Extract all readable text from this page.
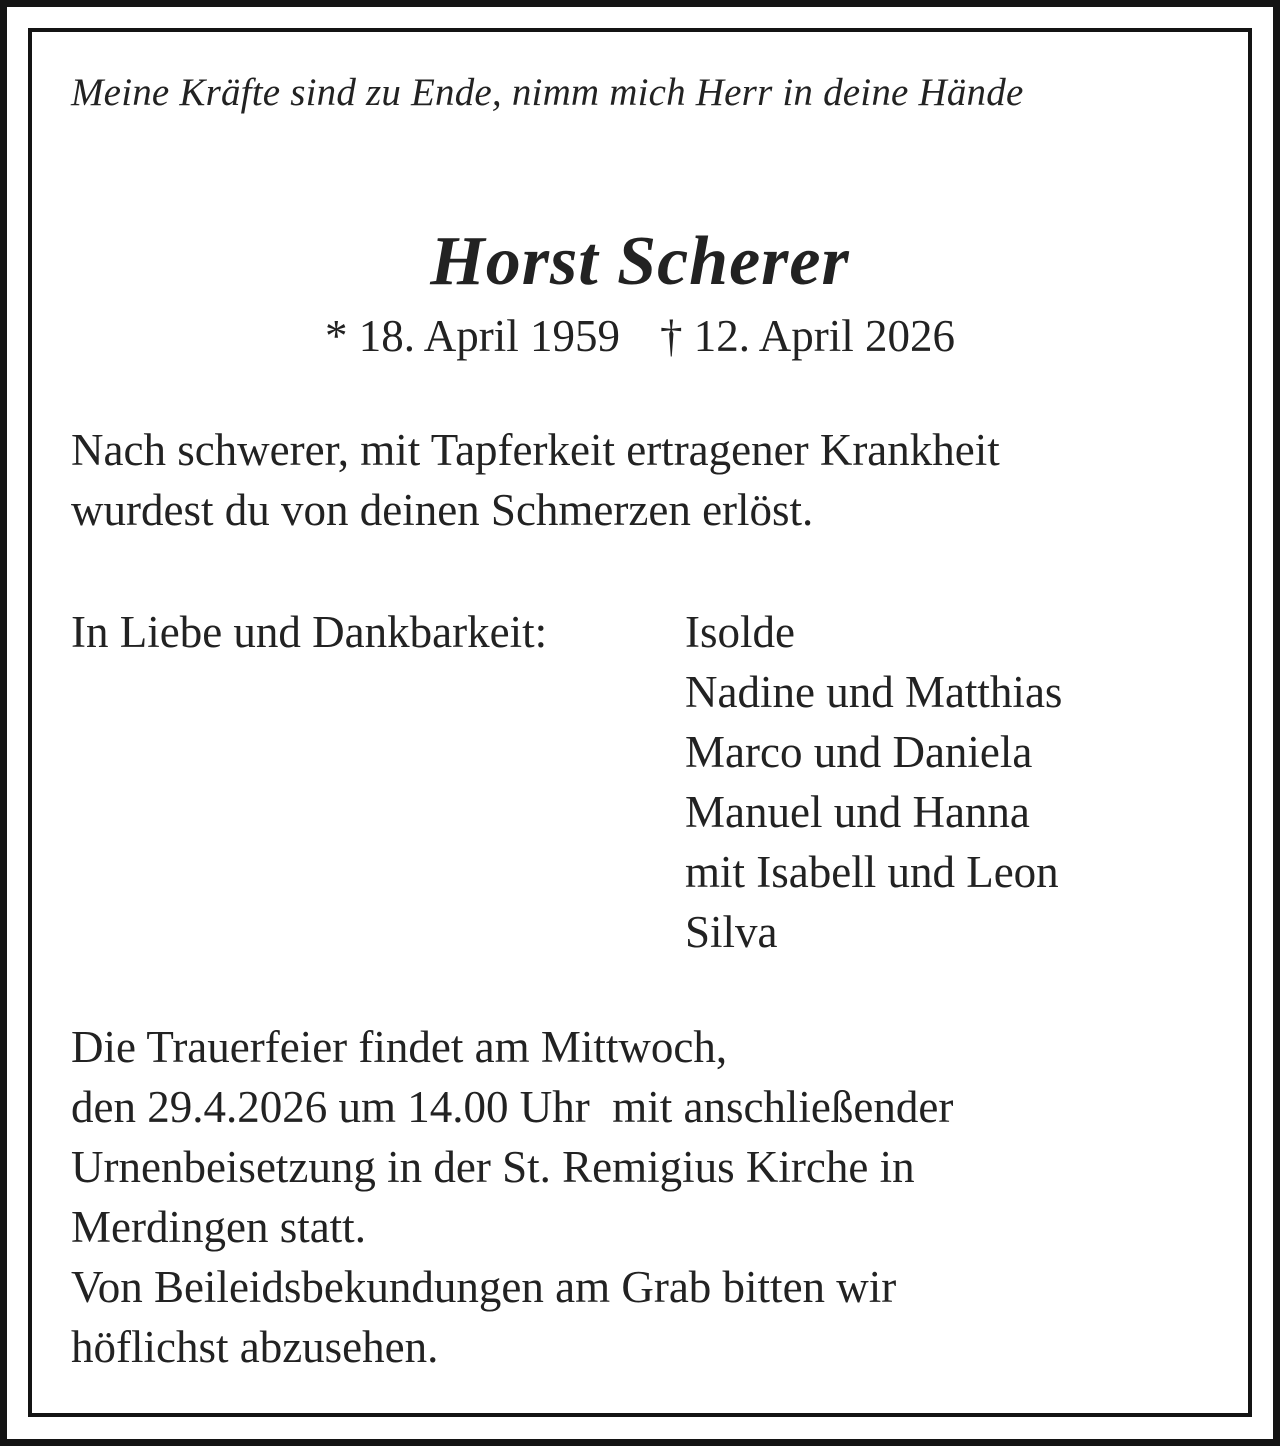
Meine Kräfte sind zu Ende, nimm mich Herr in deine Hände

Horst Scherer
* 18. April 1959 † 12. April 2026
Nach schwerer, mit Tapferkeit ertragener Krankheit
wurdest du von deinen Schmerzen erlöst.
In Liebe und Dankbarkeit:	Isolde
Nadine und Matthias
Marco und Daniela
Manuel und Hanna
mit Isabell und Leon
Silva
Die Trauerfeier findet am Mittwoch,
den 29.4.2026 um 14.00 Uhr  mit anschließender
Urnenbeisetzung in der St. Remigius Kirche in
Merdingen statt.
Von Beileidsbekundungen am Grab bitten wir
höflichst abzusehen.
